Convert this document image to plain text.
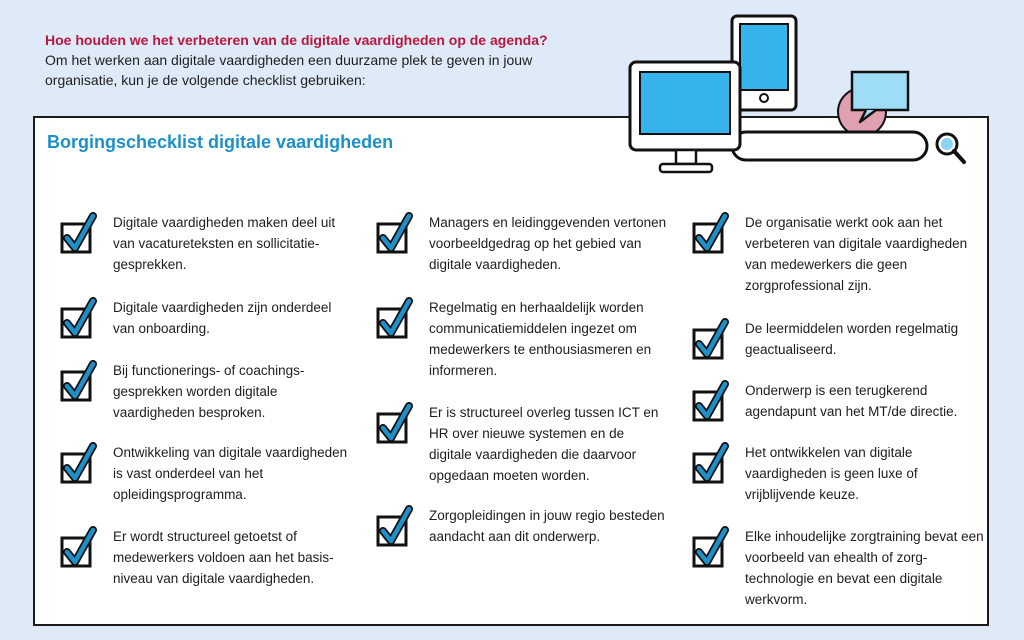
Hoe houden we het verbeteren van de digitale vaardigheden op de agenda?
Om het werken aan digitale vaardigheden een duurzame plek te geven in jouw organisatie, kun je de volgende checklist gebruiken:
Borgingschecklist digitale vaardigheden
Digitale vaardigheden maken deel uit van vacatureteksten en sollicitatie-gesprekken.
Digitale vaardigheden zijn onderdeel van onboarding.
Bij functionerings- of coachings-gesprekken worden digitale vaardigheden besproken.
Ontwikkeling van digitale vaardigheden is vast onderdeel van het opleidingsprogramma.
Er wordt structureel getoetst of medewerkers voldoen aan het basis-niveau van digitale vaardigheden.
Managers en leidinggevenden vertonen voorbeeldgedrag op het gebied van digitale vaardigheden.
Regelmatig en herhaaldelijk worden communicatiemiddelen ingezet om medewerkers te enthousiasmeren en informeren.
Er is structureel overleg tussen ICT en HR over nieuwe systemen en de digitale vaardigheden die daarvoor opgedaan moeten worden.
Zorgopleidingen in jouw regio besteden aandacht aan dit onderwerp.
De organisatie werkt ook aan het verbeteren van digitale vaardigheden van medewerkers die geen zorgprofessional zijn.
De leermiddelen worden regelmatig geactualiseerd.
Onderwerp is een terugkerend agendapunt van het MT/de directie.
Het ontwikkelen van digitale vaardigheden is geen luxe of vrijblijvende keuze.
Elke inhoudelijke zorgtraining bevat een voorbeeld van ehealth of zorg-technologie en bevat een digitale werkvorm.
